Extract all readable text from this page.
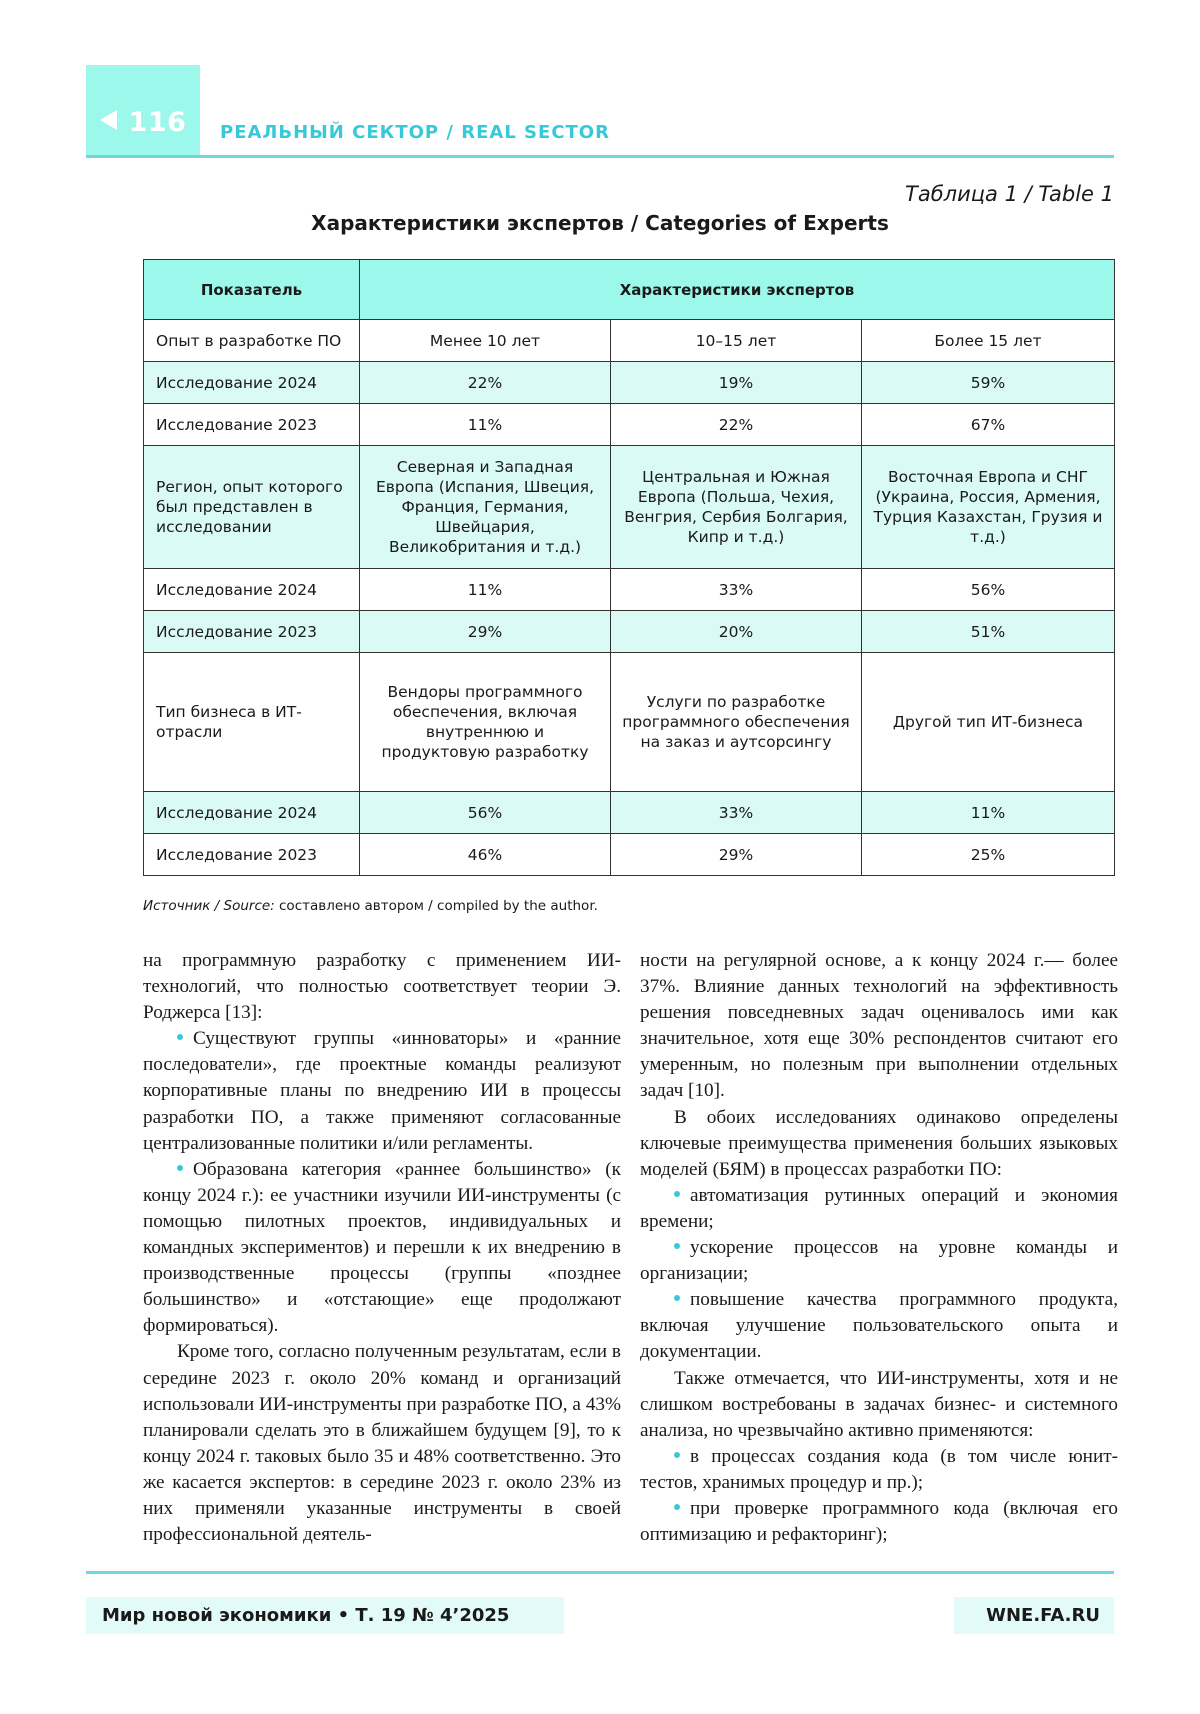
116	РЕАЛЬНЫЙ СЕКТОР / REAL SECTOR
Таблица 1 / Table 1
Характеристики экспертов / Categories of Experts
Показатель	Характеристики экспертов		
Опыт в разработке ПО	Менее 10 лет	10–15 лет	Более 15 лет
Исследование 2024	22%	19%	59%
Исследование 2023	11%	22%	67%
Регион, опыт которого был представлен в исследовании	Северная и Западная Европа (Испания, Швеция, Франция, Германия, Швейцария, Великобритания и т.д.)	Центральная и Южная Европа (Польша, Чехия, Венгрия, Сербия Болгария, Кипр и т.д.)	Восточная Европа и СНГ (Украина, Россия, Армения, Турция Казахстан, Грузия и т.д.)
Исследование 2024	11%	33%	56%
Исследование 2023	29%	20%	51%
Тип бизнеса в ИТ-отрасли	Вендоры программного обеспечения, включая внутреннюю и продуктовую разработку	Услуги по разработке программного обеспечения на заказ и аутсорсингу	Другой тип ИТ-бизнеса
Исследование 2024	56%	33%	11%
Исследование 2023	46%	29%	25%
Источник / Source: составлено автором / compiled by the author.

на программную разработку с применением ИИ-технологий, что полностью соответствует теории Э. Роджерса [13]:

Существуют группы «инноваторы» и «ранние последователи», где проектные команды реализуют корпоративные планы по внедрению ИИ в процессы разработки ПО, а также применяют согласованные централизованные политики и/или регламенты.

Образована категория «раннее большинство» (к концу 2024 г.): ее участники изучили ИИ-инструменты (с помощью пилотных проектов, индивидуальных и командных экспериментов) и перешли к их внедрению в производственные процессы (группы «позднее большинство» и «отстающие» еще продолжают формироваться).

Кроме того, согласно полученным результатам, если в середине 2023 г. около 20% команд и организаций использовали ИИ-инструменты при разработке ПО, а 43% планировали сделать это в ближайшем будущем [9], то к концу 2024 г. таковых было 35 и 48% соответственно. Это же касается экспертов: в середине 2023 г. около 23% из них применяли указанные инструменты в своей профессиональной деятель-

ности на регулярной основе, а к концу 2024 г.— более 37%. Влияние данных технологий на эффективность решения повседневных задач оценивалось ими как значительное, хотя еще 30% респондентов считают его умеренным, но полезным при выполнении отдельных задач [10].

В обоих исследованиях одинаково определены ключевые преимущества применения больших языковых моделей (БЯМ) в процессах разработки ПО:

автоматизация рутинных операций и экономия времени;

ускорение процессов на уровне команды и организации;

повышение качества программного продукта, включая улучшение пользовательского опыта и документации.

Также отмечается, что ИИ-инструменты, хотя и не слишком востребованы в задачах бизнес- и системного анализа, но чрезвычайно активно применяются:

в процессах создания кода (в том числе юнит-тестов, хранимых процедур и пр.);

при проверке программного кода (включая его оптимизацию и рефакторинг);

Мир новой экономики • Т. 19 № 4’2025	WNE.FA.RU
